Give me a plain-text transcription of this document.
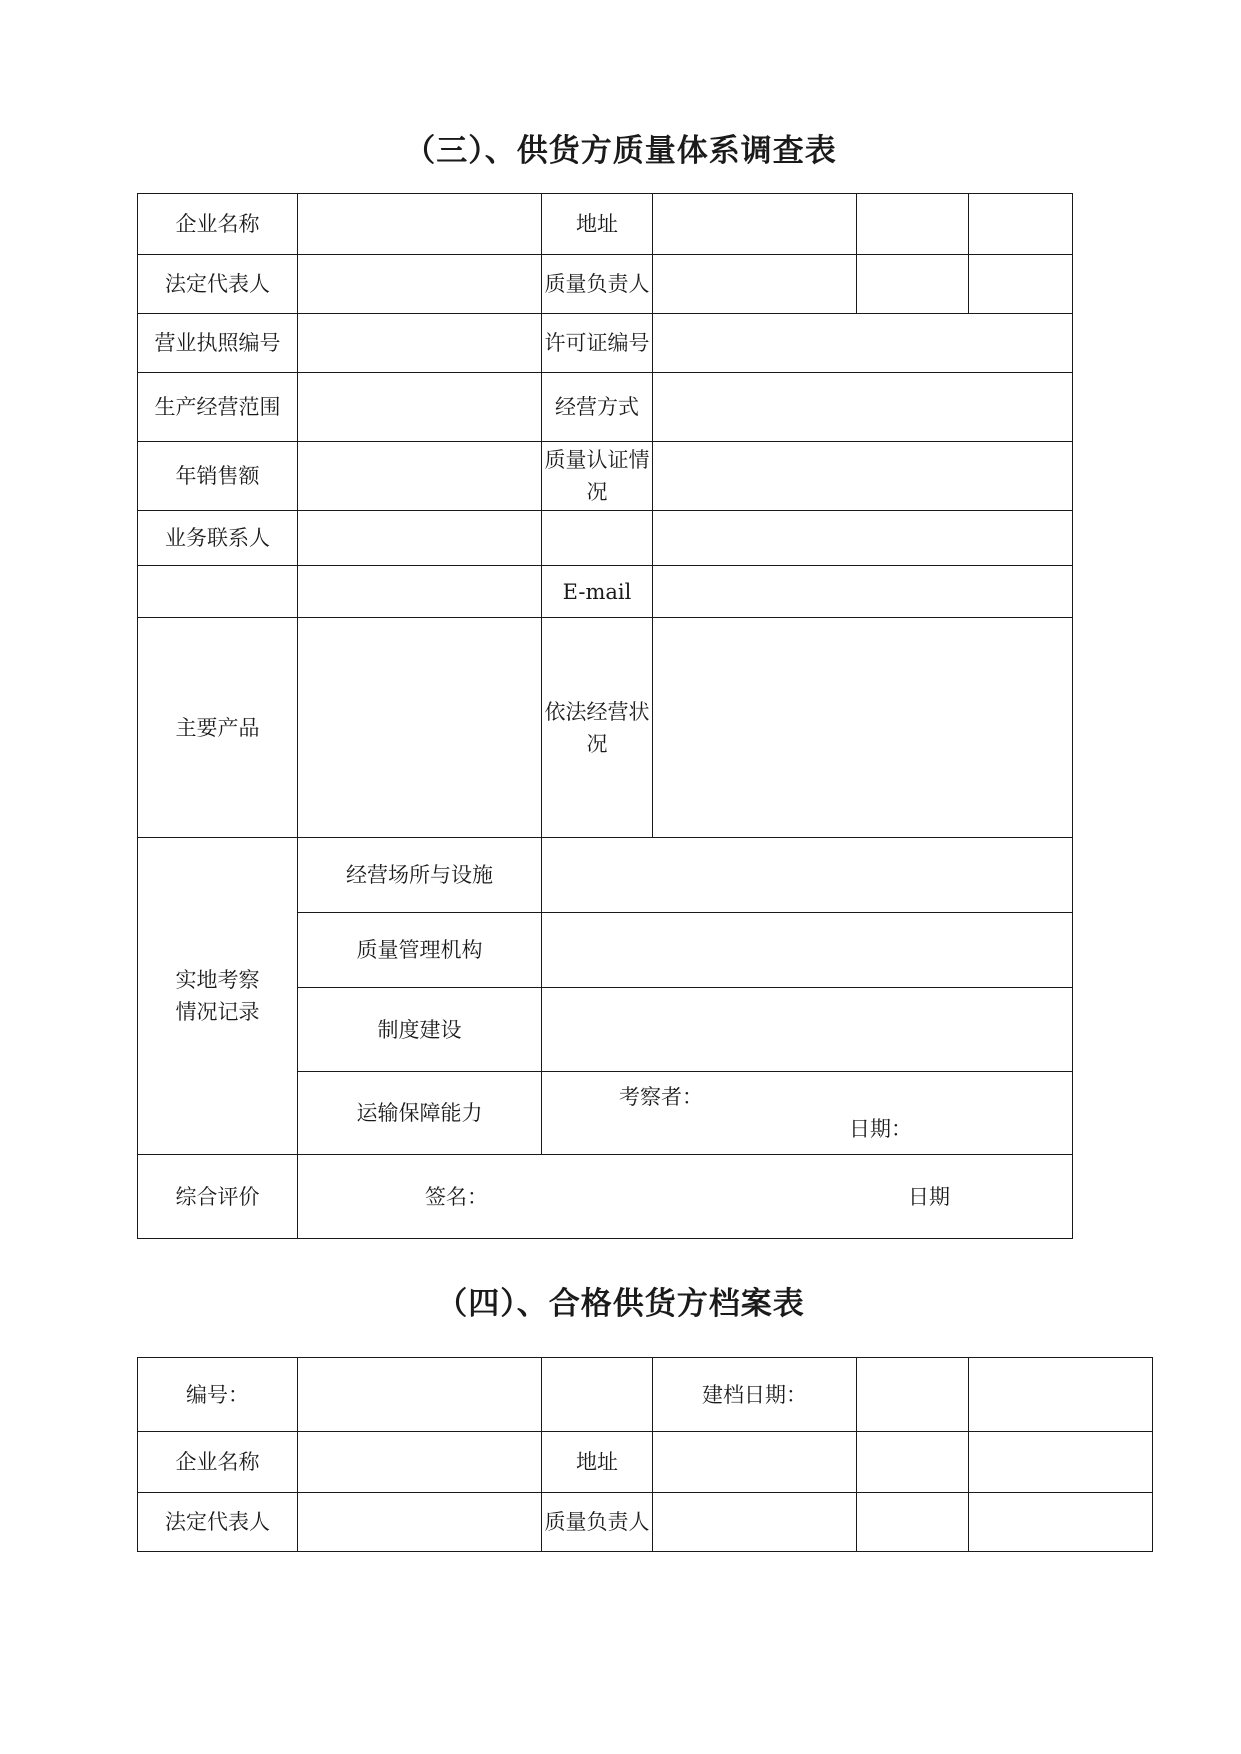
（三）、供货方质量体系调查表
企业名称		地址			
法定代表人		质量负责人			
营业执照编号		许可证编号			
生产经营范围		经营方式			
年销售额		质量认证情况			
业务联系人					
		E-mail			
主要产品		依法经营状况			
实地考察情况记录	经营场所与设施				
	质量管理机构				
	制度建设				
	运输保障能力	考察者：日期：			
综合评价	签名： 日期				
（四）、合格供货方档案表
编号：			建档日期：		
企业名称		地址			
法定代表人		质量负责人			
